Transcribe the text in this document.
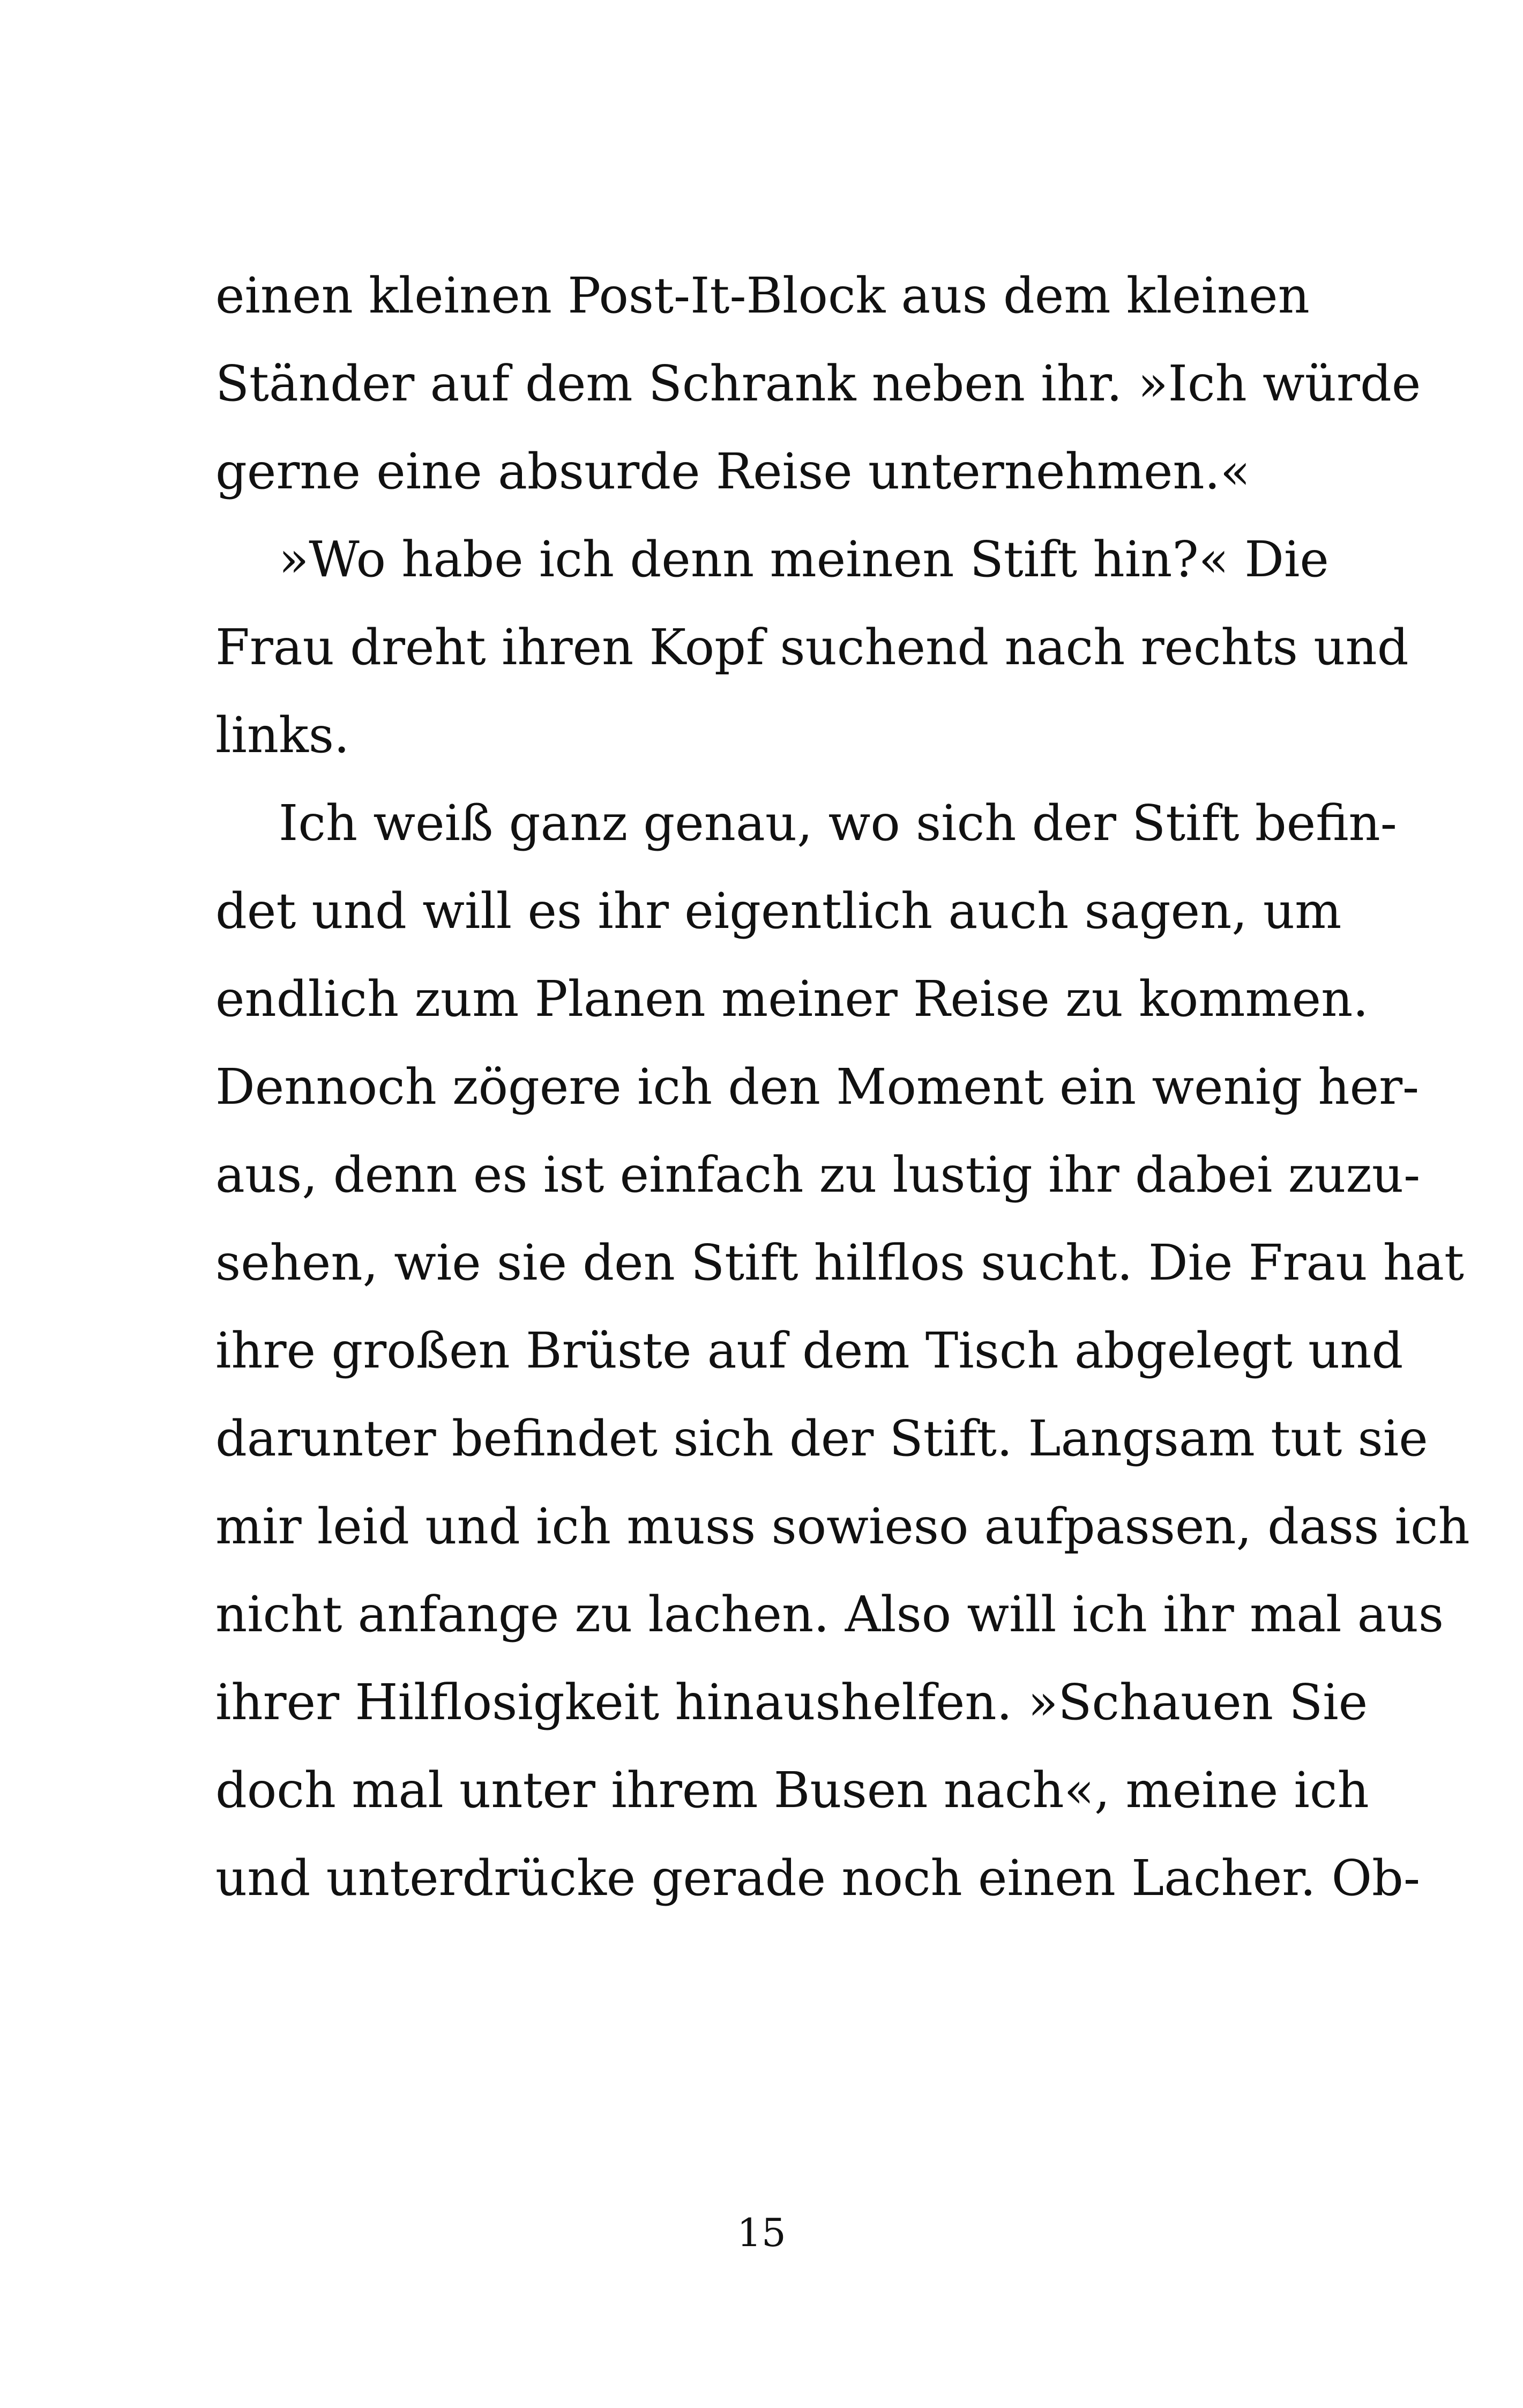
einen kleinen Post-It-Block aus dem kleinen
Ständer auf dem Schrank neben ihr. »Ich würde
gerne eine absurde Reise unternehmen.«
»Wo habe ich denn meinen Stift hin?« Die
Frau dreht ihren Kopf suchend nach rechts und
links.
Ich weiß ganz genau, wo sich der Stift befin-
det und will es ihr eigentlich auch sagen, um
endlich zum Planen meiner Reise zu kommen.
Dennoch zögere ich den Moment ein wenig her-
aus, denn es ist einfach zu lustig ihr dabei zuzu-
sehen, wie sie den Stift hilflos sucht. Die Frau hat
ihre großen Brüste auf dem Tisch abgelegt und
darunter befindet sich der Stift. Langsam tut sie
mir leid und ich muss sowieso aufpassen, dass ich
nicht anfange zu lachen. Also will ich ihr mal aus
ihrer Hilflosigkeit hinaushelfen. »Schauen Sie
doch mal unter ihrem Busen nach«, meine ich
und unterdrücke gerade noch einen Lacher. Ob-
15
